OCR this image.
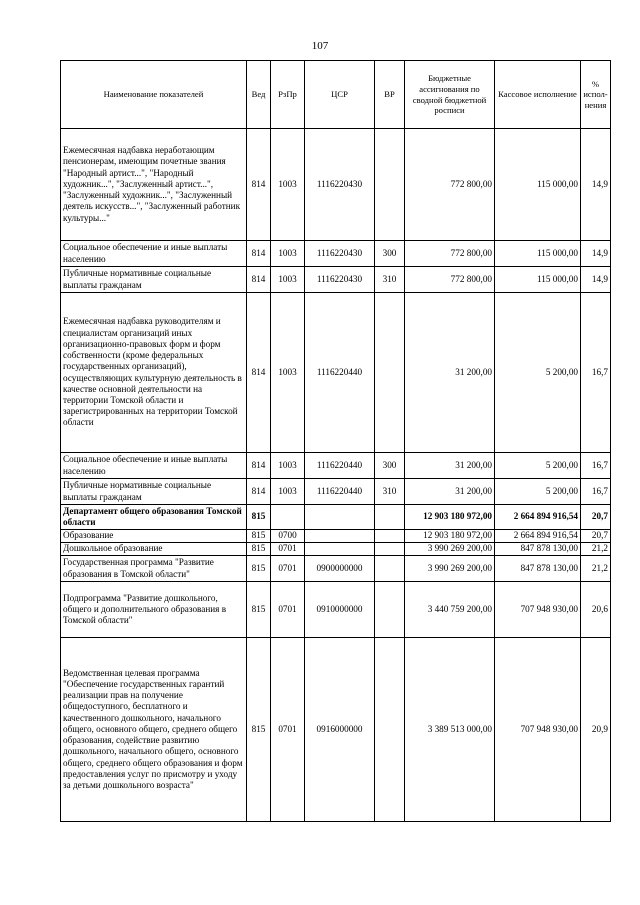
107
Наименование показателей	Вед	РзПр	ЦСР	ВР	Бюджетные ассигнования по сводной бюджетной росписи	Кассовое исполнение	% испол-нения
Ежемесячная надбавка неработающим пенсионерам, имеющим почетные звания "Народный артист...", "Народный художник...", "Заслуженный артист...", "Заслуженный художник...", "Заслуженный деятель искусств...", "Заслуженный работник культуры..."	814	1003	1116220430		772 800,00	115 000,00	14,9
Социальное обеспечение и иные выплаты населению	814	1003	1116220430	300	772 800,00	115 000,00	14,9
Публичные нормативные социальные выплаты гражданам	814	1003	1116220430	310	772 800,00	115 000,00	14,9
Ежемесячная надбавка руководителям и специалистам организаций иных организационно-правовых форм и форм собственности (кроме федеральных государственных организаций), осуществляющих культурную деятельность в качестве основной деятельности на территории Томской области и зарегистрированных на территории Томской области	814	1003	1116220440		31 200,00	5 200,00	16,7
Социальное обеспечение и иные выплаты населению	814	1003	1116220440	300	31 200,00	5 200,00	16,7
Публичные нормативные социальные выплаты гражданам	814	1003	1116220440	310	31 200,00	5 200,00	16,7
Департамент общего образования Томской области	815				12 903 180 972,00	2 664 894 916,54	20,7
Образование	815	0700			12 903 180 972,00	2 664 894 916,54	20,7
Дошкольное образование	815	0701			3 990 269 200,00	847 878 130,00	21,2
Государственная программа "Развитие образования в Томской области"	815	0701	0900000000		3 990 269 200,00	847 878 130,00	21,2
Подпрограмма "Развитие дошкольного, общего и дополнительного образования в Томской области"	815	0701	0910000000		3 440 759 200,00	707 948 930,00	20,6
Ведомственная целевая программа "Обеспечение государственных гарантий реализации прав на получение общедоступного, бесплатного и качественного дошкольного, начального общего, основного общего, среднего общего образования, содействие развитию дошкольного, начального общего, основного общего, среднего общего образования и форм предоставления услуг по присмотру и уходу за детьми дошкольного возраста"	815	0701	0916000000		3 389 513 000,00	707 948 930,00	20,9
